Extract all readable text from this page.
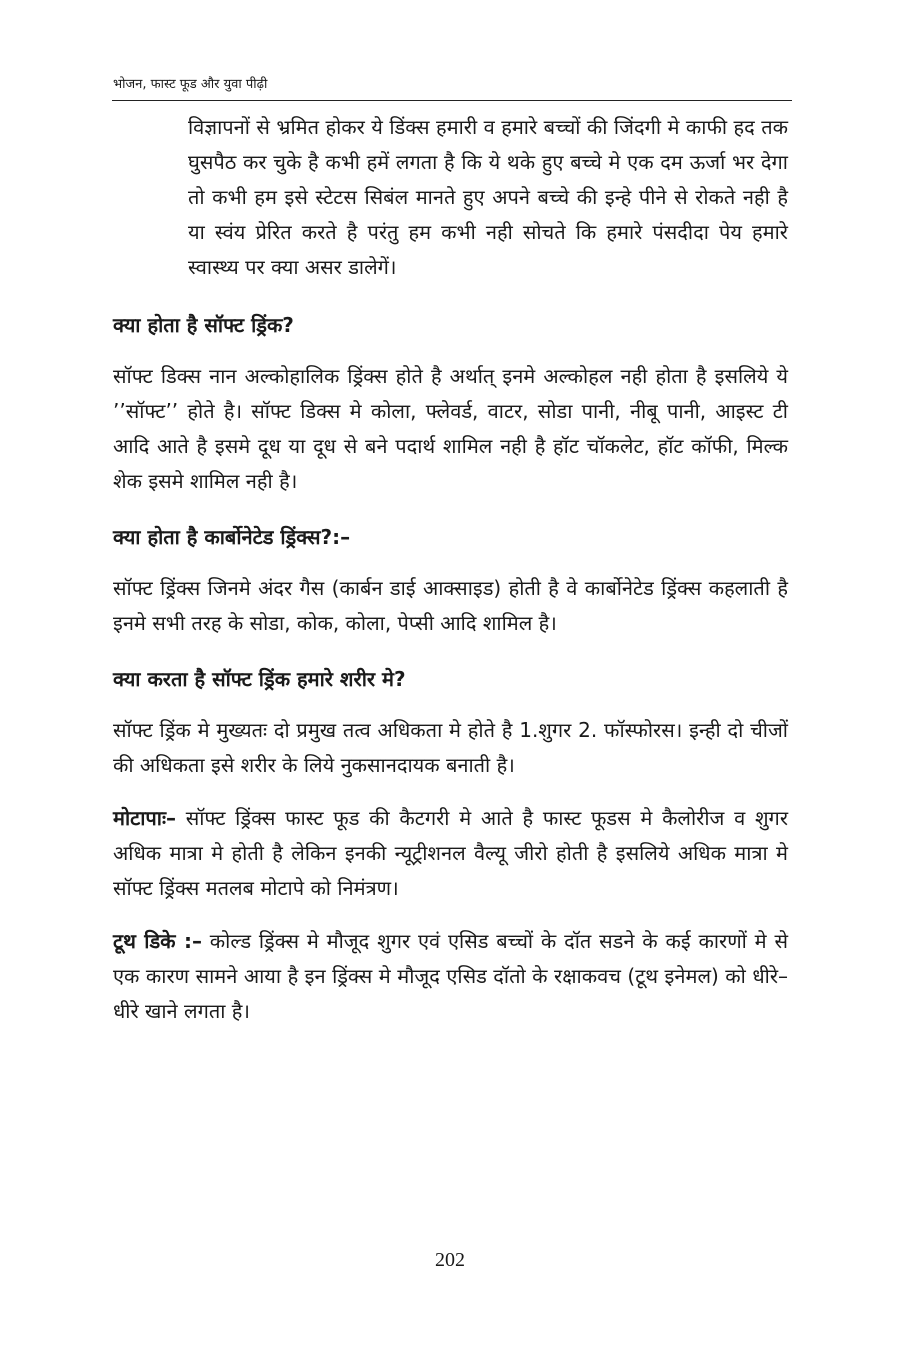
भोजन, फास्ट फूड और युवा पीढ़ी

विज्ञापनों से भ्रमित होकर ये डिंक्स हमारी व हमारे बच्चों की जिंदगी मे काफी हद तक घुसपैठ कर चुके है कभी हमें लगता है कि ये थके हुए बच्चे मे एक दम ऊर्जा भर देगा तो कभी हम इसे स्टेटस सिबंल मानते हुए अपने बच्चे की इन्हे पीने से रोकते नही है या स्वंय प्रेरित करते है परंतु हम कभी नही सोचते कि हमारे पंसदीदा पेय हमारे स्वास्थ्य पर क्या असर डालेगें।

क्या होता है सॉफ्ट ड्रिंक?

सॉफ्ट डिक्स नान अल्कोहालिक ड्रिंक्स होते है अर्थात् इनमे अल्कोहल नही होता है इसलिये ये ’’सॉफ्ट’’ होते है। सॉफ्ट डिक्स मे कोला, फ्लेवर्ड, वाटर, सोडा पानी, नीबू पानी, आइस्ट टी आदि आते है इसमे दूध या दूध से बने पदार्थ शामिल नही है हॉट चॉकलेट, हॉट कॉफी, मिल्क शेक इसमे शामिल नही है।

क्या होता है कार्बोनेटेड ड्रिंक्स?:–

सॉफ्ट ड्रिंक्स जिनमे अंदर गैस (कार्बन डाई आक्साइड) होती है वे कार्बोनेटेड ड्रिंक्स कहलाती है इनमे सभी तरह के सोडा, कोक, कोला, पेप्सी आदि शामिल है।

क्या करता है सॉफ्ट ड्रिंक हमारे शरीर मे?

सॉफ्ट ड्रिंक मे मुख्यतः दो प्रमुख तत्व अधिकता मे होते है 1.शुगर 2. फॉस्फोरस। इन्ही दो चीजों की अधिकता इसे शरीर के लिये नुकसानदायक बनाती है।

मोटापाः– सॉफ्ट ड्रिंक्स फास्ट फूड की कैटगरी मे आते है फास्ट फूडस मे कैलोरीज व शुगर अधिक मात्रा मे होती है लेकिन इनकी न्यूट्रीशनल वैल्यू जीरो होती है इसलिये अधिक मात्रा मे सॉफ्ट ड्रिंक्स मतलब मोटापे को निमंत्रण।

टूथ डिके :– कोल्ड ड्रिंक्स मे मौजूद शुगर एवं एसिड बच्चों के दॉत सडने के कई कारणों मे से एक कारण सामने आया है इन ड्रिंक्स मे मौजूद एसिड दॉतो के रक्षाकवच (टूथ इनेमल) को धीरे–धीरे खाने लगता है।

202
